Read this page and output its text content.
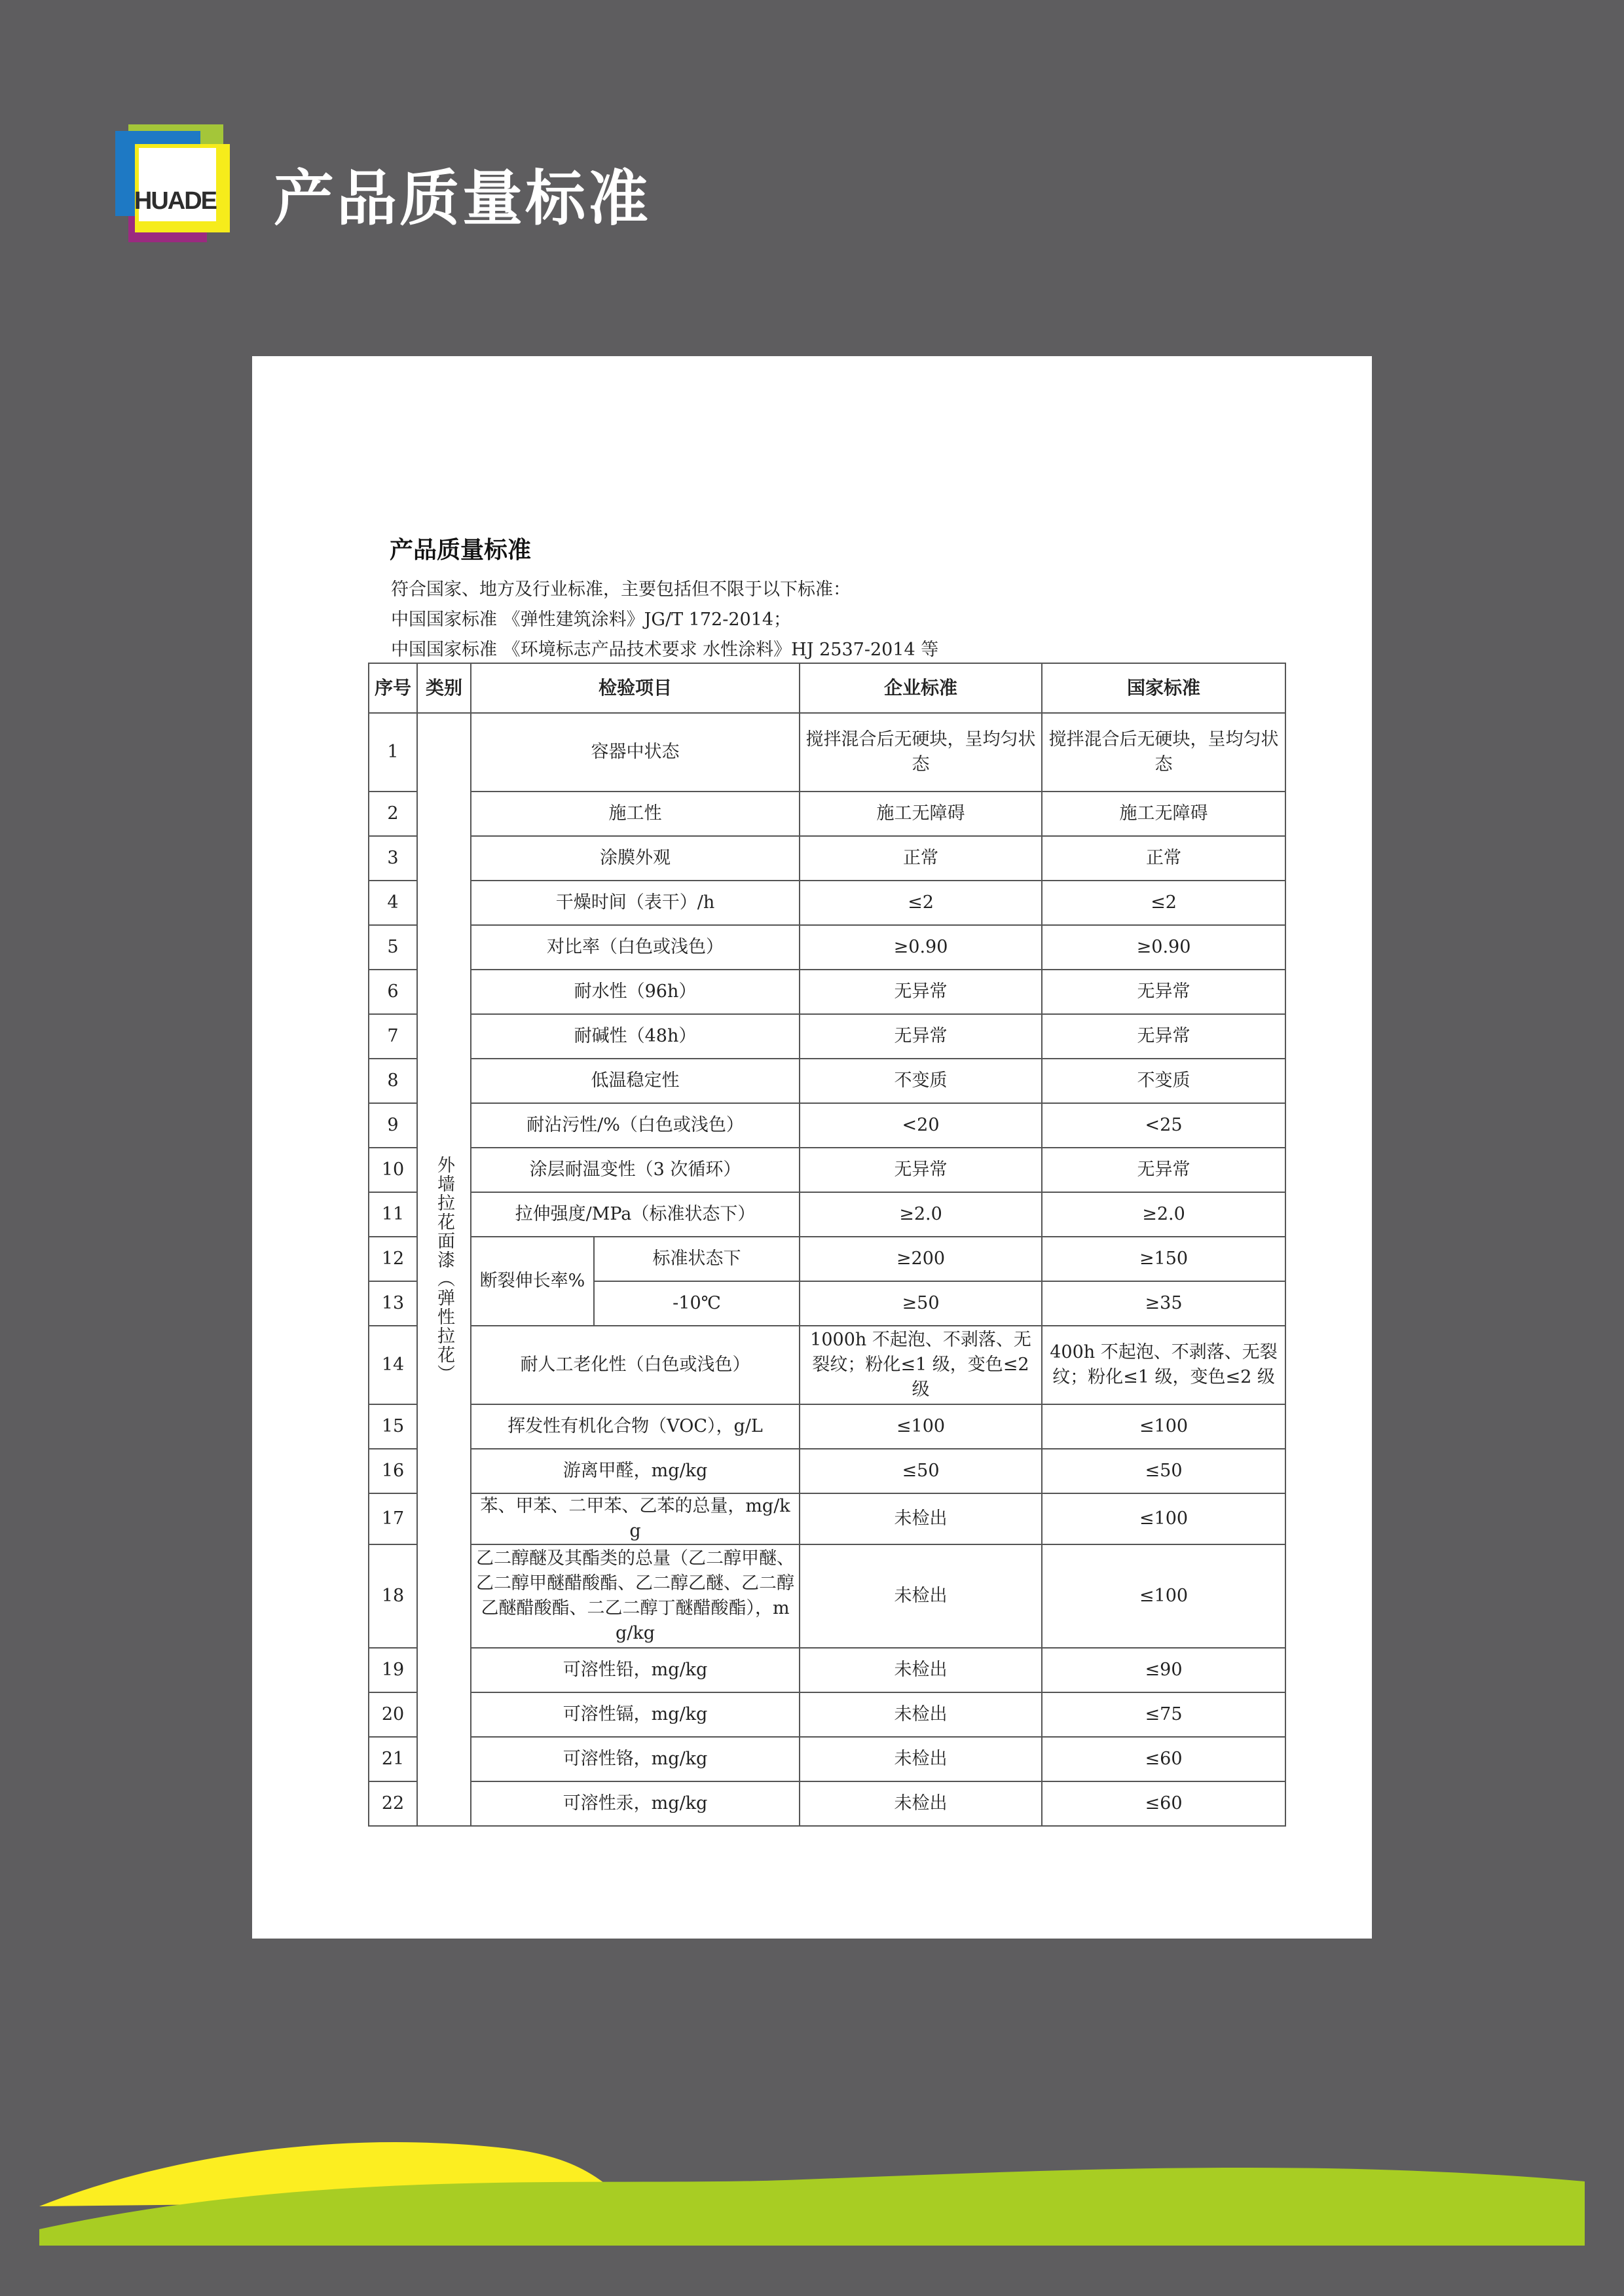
HUADE 产品质量标准
产品质量标准
符合国家、地方及行业标准，主要包括但不限于以下标准：
中国国家标准 《弹性建筑涂料》JG/T 172-2014；
中国国家标准 《环境标志产品技术要求 水性涂料》HJ 2537-2014 等
序号	类别	检验项目		企业标准	国家标准
1	外墙拉花面漆︵弹性拉花︶	容器中状态		搅拌混合后无硬块，呈均匀状态	搅拌混合后无硬块，呈均匀状态
2		施工性		施工无障碍	施工无障碍
3		涂膜外观		正常	正常
4		干燥时间（表干）/h		≤2	≤2
5		对比率（白色或浅色）		≥0.90	≥0.90
6		耐水性（96h）		无异常	无异常
7		耐碱性（48h）		无异常	无异常
8		低温稳定性		不变质	不变质
9		耐沾污性/%（白色或浅色）		<20	<25
10		涂层耐温变性（3 次循环）		无异常	无异常
11		拉伸强度/MPa（标准状态下）		≥2.0	≥2.0
12		断裂伸长率%	标准状态下	≥200	≥150
13			-10℃	≥50	≥35
14		耐人工老化性（白色或浅色）		1000h 不起泡、不剥落、无裂纹；粉化≤1 级，变色≤2 级	400h 不起泡、不剥落、无裂纹；粉化≤1 级，变色≤2 级
15		挥发性有机化合物（VOC），g/L		≤100	≤100
16		游离甲醛，mg/kg		≤50	≤50
17		苯、甲苯、二甲苯、乙苯的总量，mg/kg		未检出	≤100
18		乙二醇醚及其酯类的总量（乙二醇甲醚、乙二醇甲醚醋酸酯、乙二醇乙醚、乙二醇乙醚醋酸酯、二乙二醇丁醚醋酸酯），mg/kg		未检出	≤100
19		可溶性铅，mg/kg		未检出	≤90
20		可溶性镉，mg/kg		未检出	≤75
21		可溶性铬，mg/kg		未检出	≤60
22		可溶性汞，mg/kg		未检出	≤60
